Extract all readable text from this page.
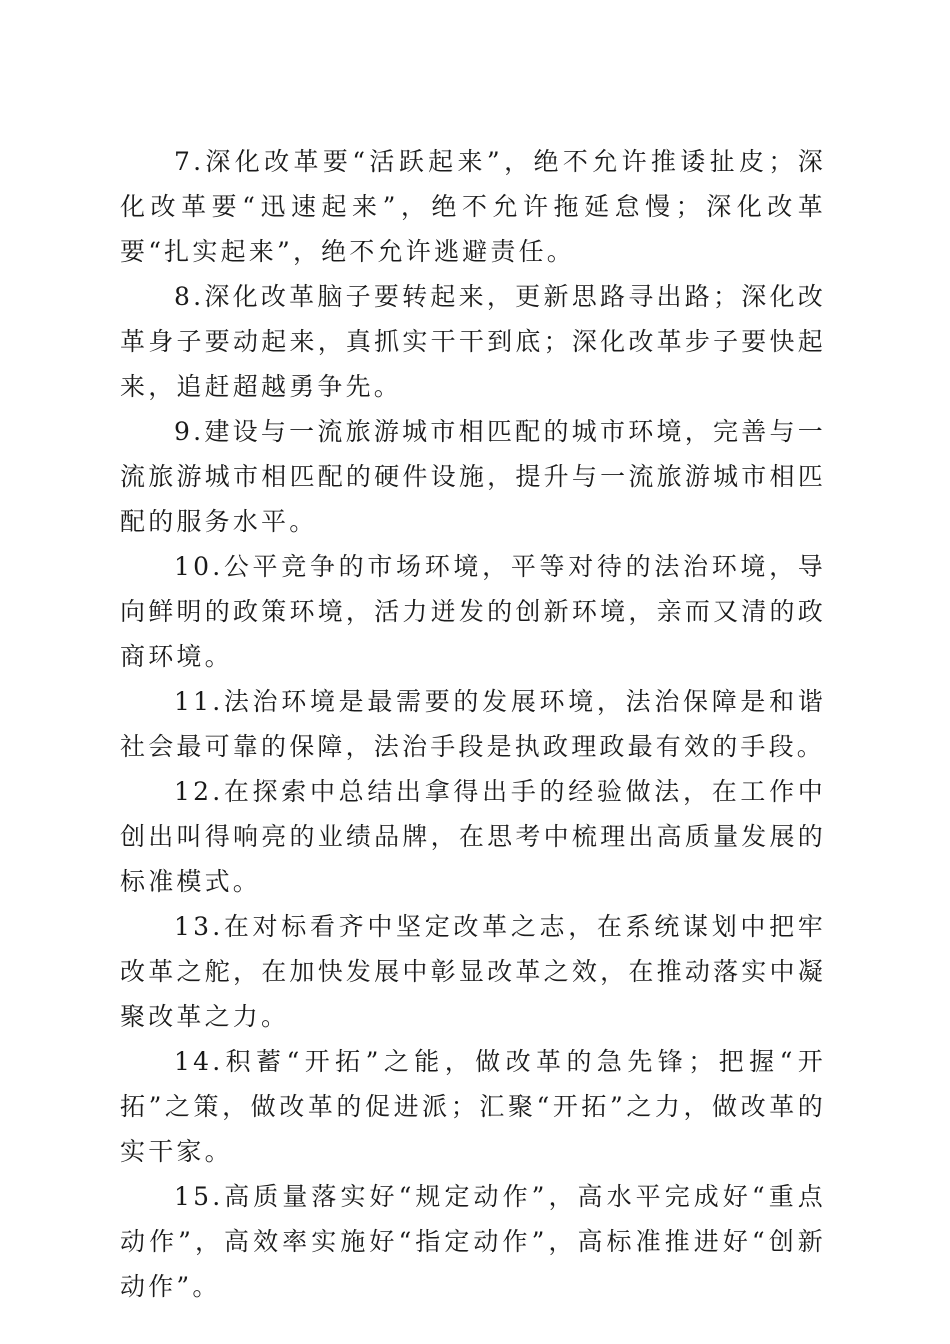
7.深化改革要“活跃起来”，绝不允许推诿扯皮；深化改革要“迅速起来”，绝不允许拖延怠慢；深化改革要“扎实起来”，绝不允许逃避责任。

8.深化改革脑子要转起来，更新思路寻出路；深化改革身子要动起来，真抓实干干到底；深化改革步子要快起来，追赶超越勇争先。

9.建设与一流旅游城市相匹配的城市环境，完善与一流旅游城市相匹配的硬件设施，提升与一流旅游城市相匹配的服务水平。

10.公平竞争的市场环境，平等对待的法治环境，导向鲜明的政策环境，活力迸发的创新环境，亲而又清的政商环境。

11.法治环境是最需要的发展环境，法治保障是和谐社会最可靠的保障，法治手段是执政理政最有效的手段。

12.在探索中总结出拿得出手的经验做法，在工作中创出叫得响亮的业绩品牌，在思考中梳理出高质量发展的标准模式。

13.在对标看齐中坚定改革之志，在系统谋划中把牢改革之舵，在加快发展中彰显改革之效，在推动落实中凝聚改革之力。

14.积蓄“开拓”之能，做改革的急先锋；把握“开拓”之策，做改革的促进派；汇聚“开拓”之力，做改革的实干家。

15.高质量落实好“规定动作”，高水平完成好“重点动作”，高效率实施好“指定动作”，高标准推进好“创新动作”。
